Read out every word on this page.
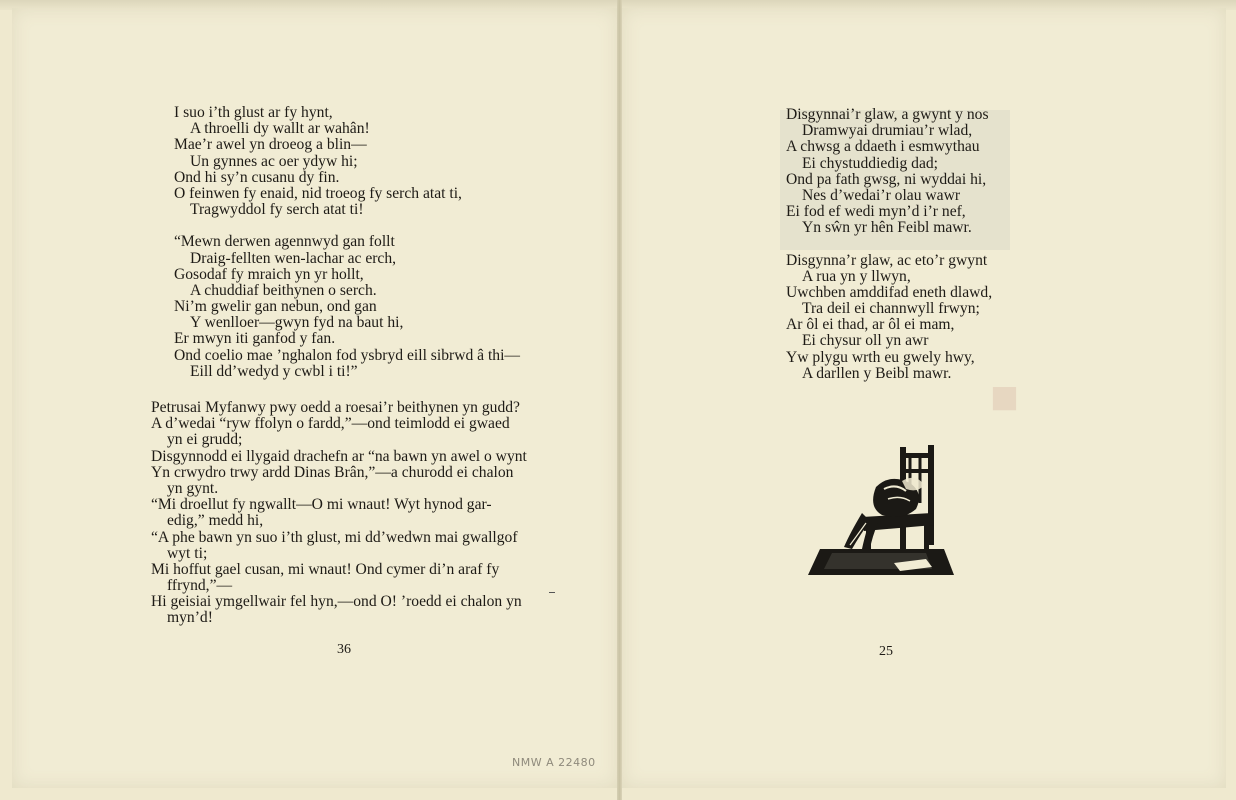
I suo i’th glust ar fy hynt,
A throelli dy wallt ar wahân!
Mae’r awel yn droeog a blin—
Un gynnes ac oer ydyw hi;
Ond hi sy’n cusanu dy fin.
O feinwen fy enaid, nid troeog fy serch atat ti,
Tragwyddol fy serch atat ti!
“Mewn derwen agennwyd gan follt
Draig-fellten wen-lachar ac erch,
Gosodaf fy mraich yn yr hollt,
A chuddiaf beithynen o serch.
Ni’m gwelir gan nebun, ond gan
Y wenlloer—gwyn fyd na baut hi,
Er mwyn iti ganfod y fan.
Ond coelio mae ’nghalon fod ysbryd eill sibrwd â thi—
Eill dd’wedyd y cwbl i ti!”
Petrusai Myfanwy pwy oedd a roesai’r beithynen yn gudd?
A d’wedai “ryw ffolyn o fardd,”—ond teimlodd ei gwaed
yn ei grudd;
Disgynnodd ei llygaid drachefn ar “na bawn yn awel o wynt
Yn crwydro trwy ardd Dinas Brân,”—a churodd ei chalon
yn gynt.
“Mi droellut fy ngwallt—O mi wnaut! Wyt hynod gar-
edig,” medd hi,
“A phe bawn yn suo i’th glust, mi dd’wedwn mai gwallgof
wyt ti;
Mi hoffut gael cusan, mi wnaut! Ond cymer di’n araf fy
ffrynd,”—
Hi geisiai ymgellwair fel hyn,—ond O! ’roedd ei chalon yn
myn’d!
Disgynnai’r glaw, a gwynt y nos
Dramwyai drumiau’r wlad,
A chwsg a ddaeth i esmwythau
Ei chystuddiedig dad;
Ond pa fath gwsg, ni wyddai hi,
Nes d’wedai’r olau wawr
Ei fod ef wedi myn’d i’r nef,
Yn sŵn yr hên Feibl mawr.
Disgynna’r glaw, ac eto’r gwynt
A rua yn y llwyn,
Uwchben amddifad eneth dlawd,
Tra deil ei channwyll frwyn;
Ar ôl ei thad, ar ôl ei mam,
Ei chysur oll yn awr
Yw plygu wrth eu gwely hwy,
A darllen y Beibl mawr.
36	25
NMW A 22480
